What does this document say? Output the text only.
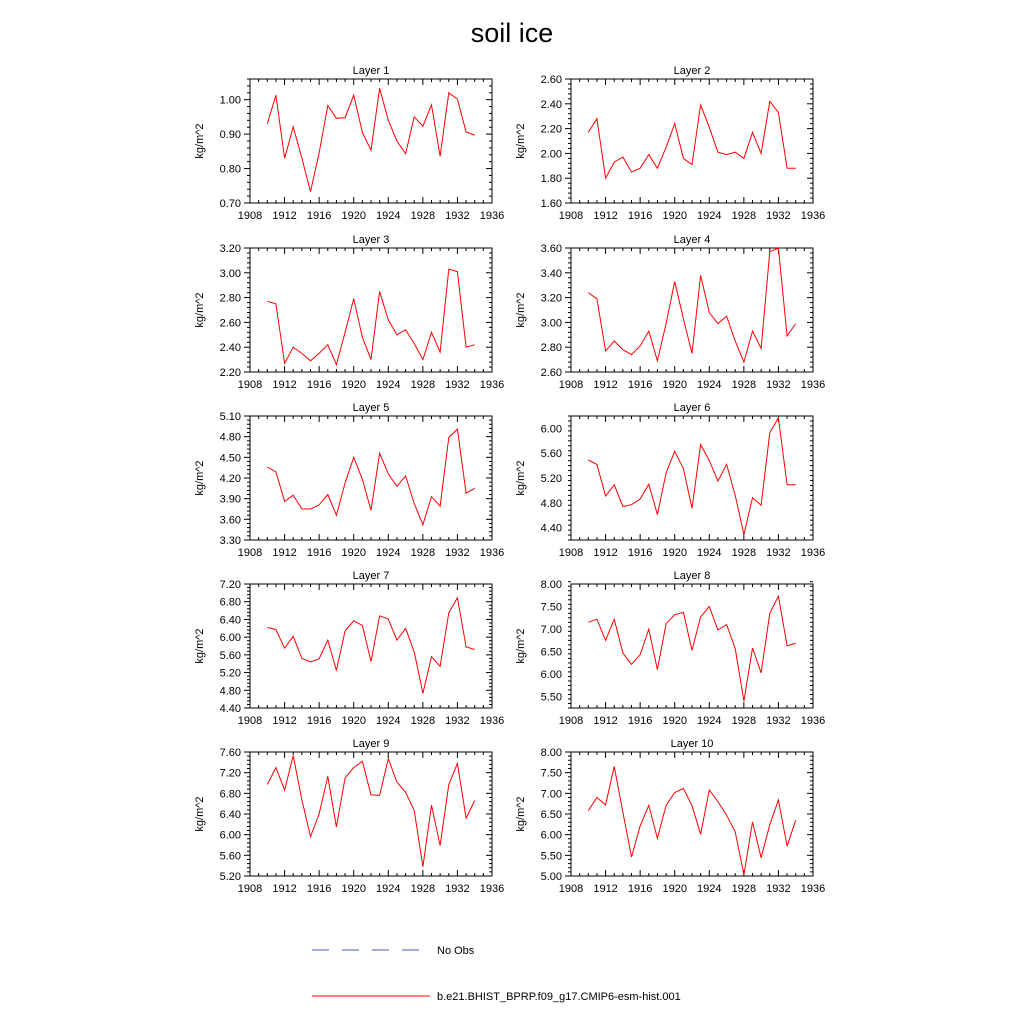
soil ice
Layer 1
kg/m^2
1908 1912 1916 1920 1924 1928 1932 1936
0.70
0.80
0.90
1.00
Layer 2
kg/m^2
1908 1912 1916 1920 1924 1928 1932 1936
1.60
1.80
2.00
2.20
2.40
2.60
Layer 3
kg/m^2
1908 1912 1916 1920 1924 1928 1932 1936
2.20
2.40
2.60
2.80
3.00
3.20
Layer 4
kg/m^2
1908 1912 1916 1920 1924 1928 1932 1936
2.60
2.80
3.00
3.20
3.40
3.60
Layer 5
kg/m^2
1908 1912 1916 1920 1924 1928 1932 1936
3.30
3.60
3.90
4.20
4.50
4.80
5.10
Layer 6
kg/m^2
1908 1912 1916 1920 1924 1928 1932 1936
4.40
4.80
5.20
5.60
6.00
Layer 7
kg/m^2
1908 1912 1916 1920 1924 1928 1932 1936
4.40
4.80
5.20
5.60
6.00
6.40
6.80
7.20
Layer 8
kg/m^2
1908 1912 1916 1920 1924 1928 1932 1936
5.50
6.00
6.50
7.00
7.50
8.00
Layer 9
kg/m^2
1908 1912 1916 1920 1924 1928 1932 1936
5.20
5.60
6.00
6.40
6.80
7.20
7.60
Layer 10
kg/m^2
1908 1912 1916 1920 1924 1928 1932 1936
5.00
5.50
6.00
6.50
7.00
7.50
8.00
No Obs
b.e21.BHIST_BPRP.f09_g17.CMIP6-esm-hist.001
